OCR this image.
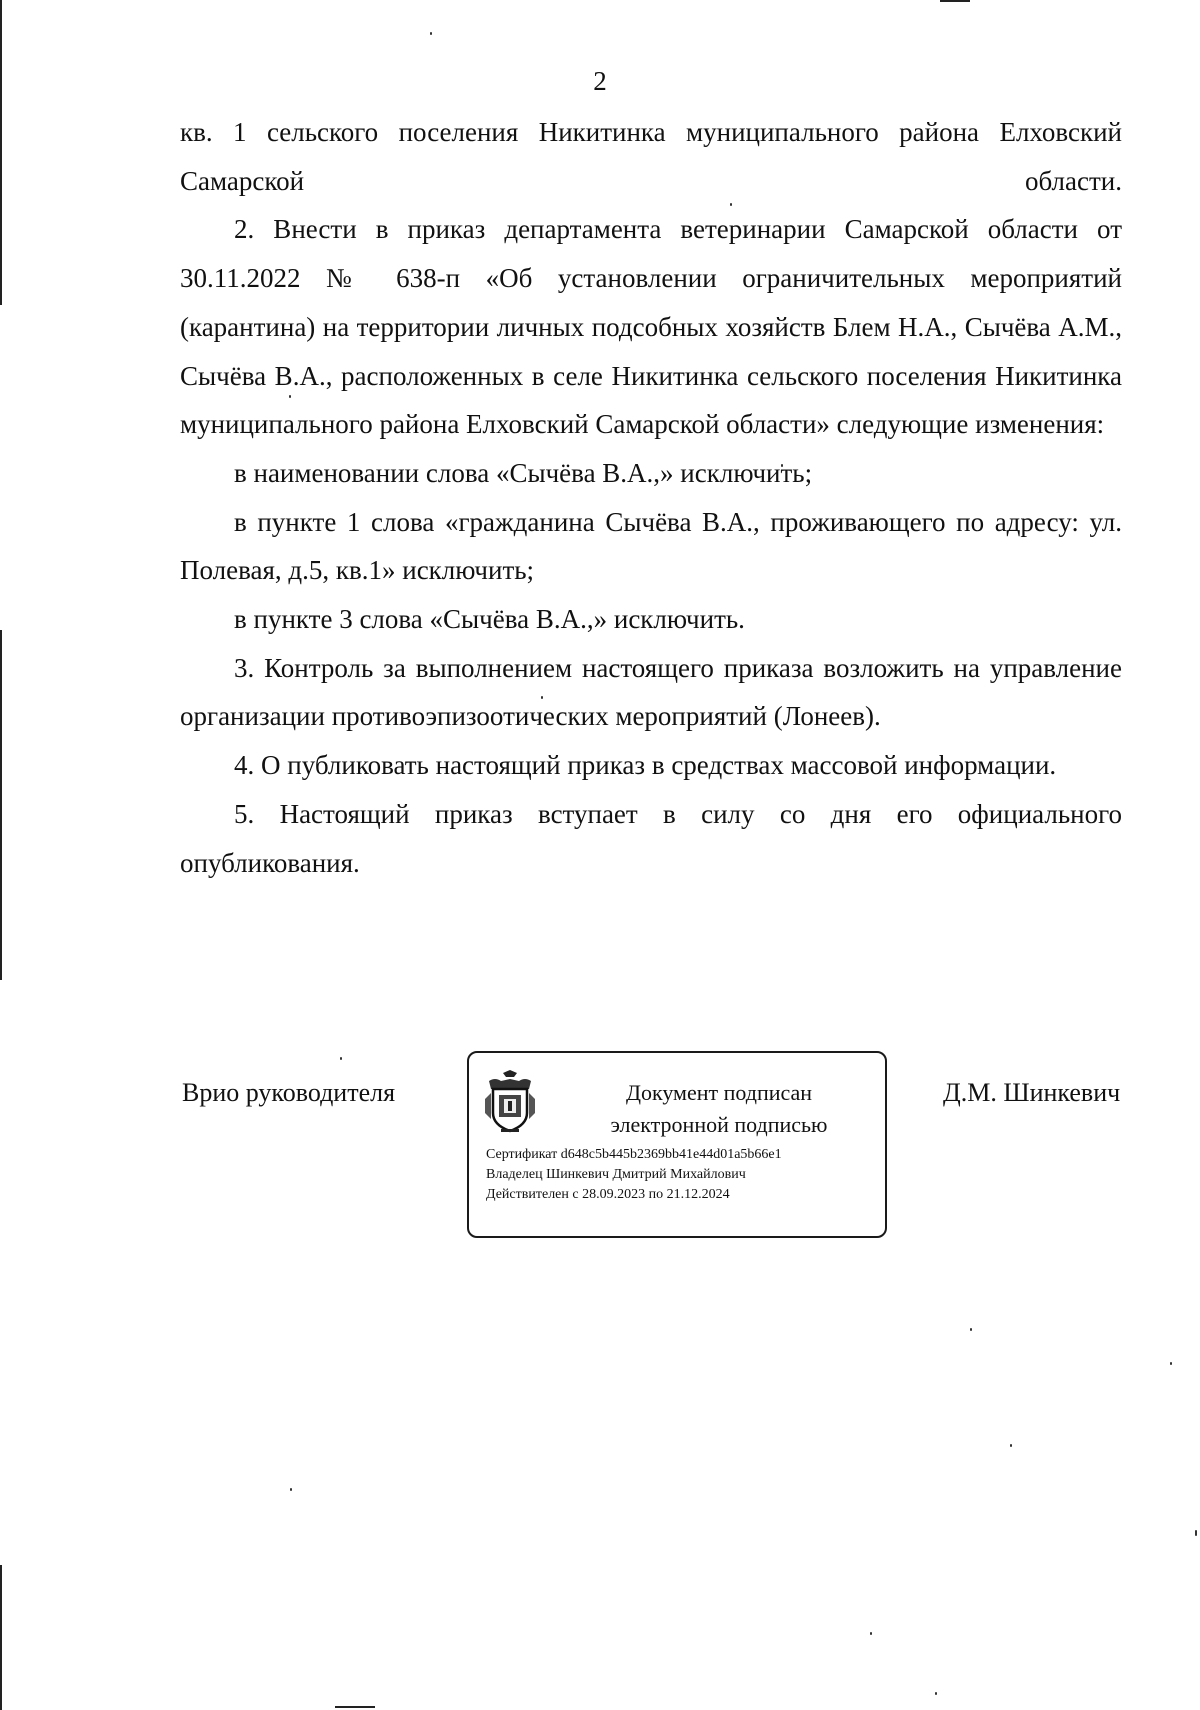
2

кв. 1 сельского поселения Никитинка муниципального района Елховский Самарской области.

2. Внести в приказ департамента ветеринарии Самарской области от 30.11.2022 № 638-п «Об установлении ограничительных мероприятий (карантина) на территории личных подсобных хозяйств Блем Н.А., Сычёва А.М., Сычёва В.А., расположенных в селе Никитинка сельского поселения Никитинка муниципального района Елховский Самарской области» следующие изменения:

в наименовании слова «Сычёва В.А.,» исключить;

в пункте 1 слова «гражданина Сычёва В.А., проживающего по адресу: ул. Полевая, д.5, кв.1» исключить;

в пункте 3 слова «Сычёва В.А.,» исключить.

3. Контроль за выполнением настоящего приказа возложить на управление организации противоэпизоотических мероприятий (Лонеев).

4. О публиковать настоящий приказ в средствах массовой информации.

5. Настоящий приказ вступает в силу со дня его официального опубликования.

Врио руководителя	Документ подписан
электронной подписью
Сертификат d648c5b445b2369bb41e44d01a5b66e1
Владелец Шинкевич Дмитрий Михайлович
Действителен с 28.09.2023 по 21.12.2024
Д.М. Шинкевич
